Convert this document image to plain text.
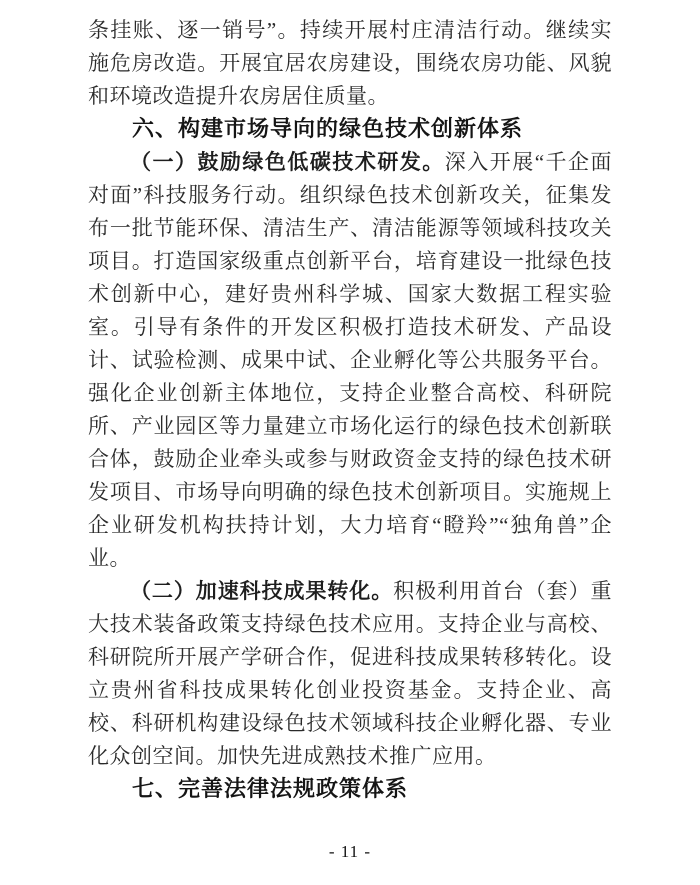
条挂账、逐一销号”。持续开展村庄清洁行动。继续实施危房改造。开展宜居农房建设，围绕农房功能、风貌和环境改造提升农房居住质量。

六、构建市场导向的绿色技术创新体系

（一）鼓励绿色低碳技术研发。深入开展“千企面对面”科技服务行动。组织绿色技术创新攻关，征集发布一批节能环保、清洁生产、清洁能源等领域科技攻关项目。打造国家级重点创新平台，培育建设一批绿色技术创新中心，建好贵州科学城、国家大数据工程实验室。引导有条件的开发区积极打造技术研发、产品设计、试验检测、成果中试、企业孵化等公共服务平台。强化企业创新主体地位，支持企业整合高校、科研院所、产业园区等力量建立市场化运行的绿色技术创新联合体，鼓励企业牵头或参与财政资金支持的绿色技术研发项目、市场导向明确的绿色技术创新项目。实施规上企业研发机构扶持计划，大力培育“瞪羚”“独角兽”企业。

（二）加速科技成果转化。积极利用首台（套）重大技术装备政策支持绿色技术应用。支持企业与高校、科研院所开展产学研合作，促进科技成果转移转化。设立贵州省科技成果转化创业投资基金。支持企业、高校、科研机构建设绿色技术领域科技企业孵化器、专业化众创空间。加快先进成熟技术推广应用。

七、完善法律法规政策体系
- 11 -
